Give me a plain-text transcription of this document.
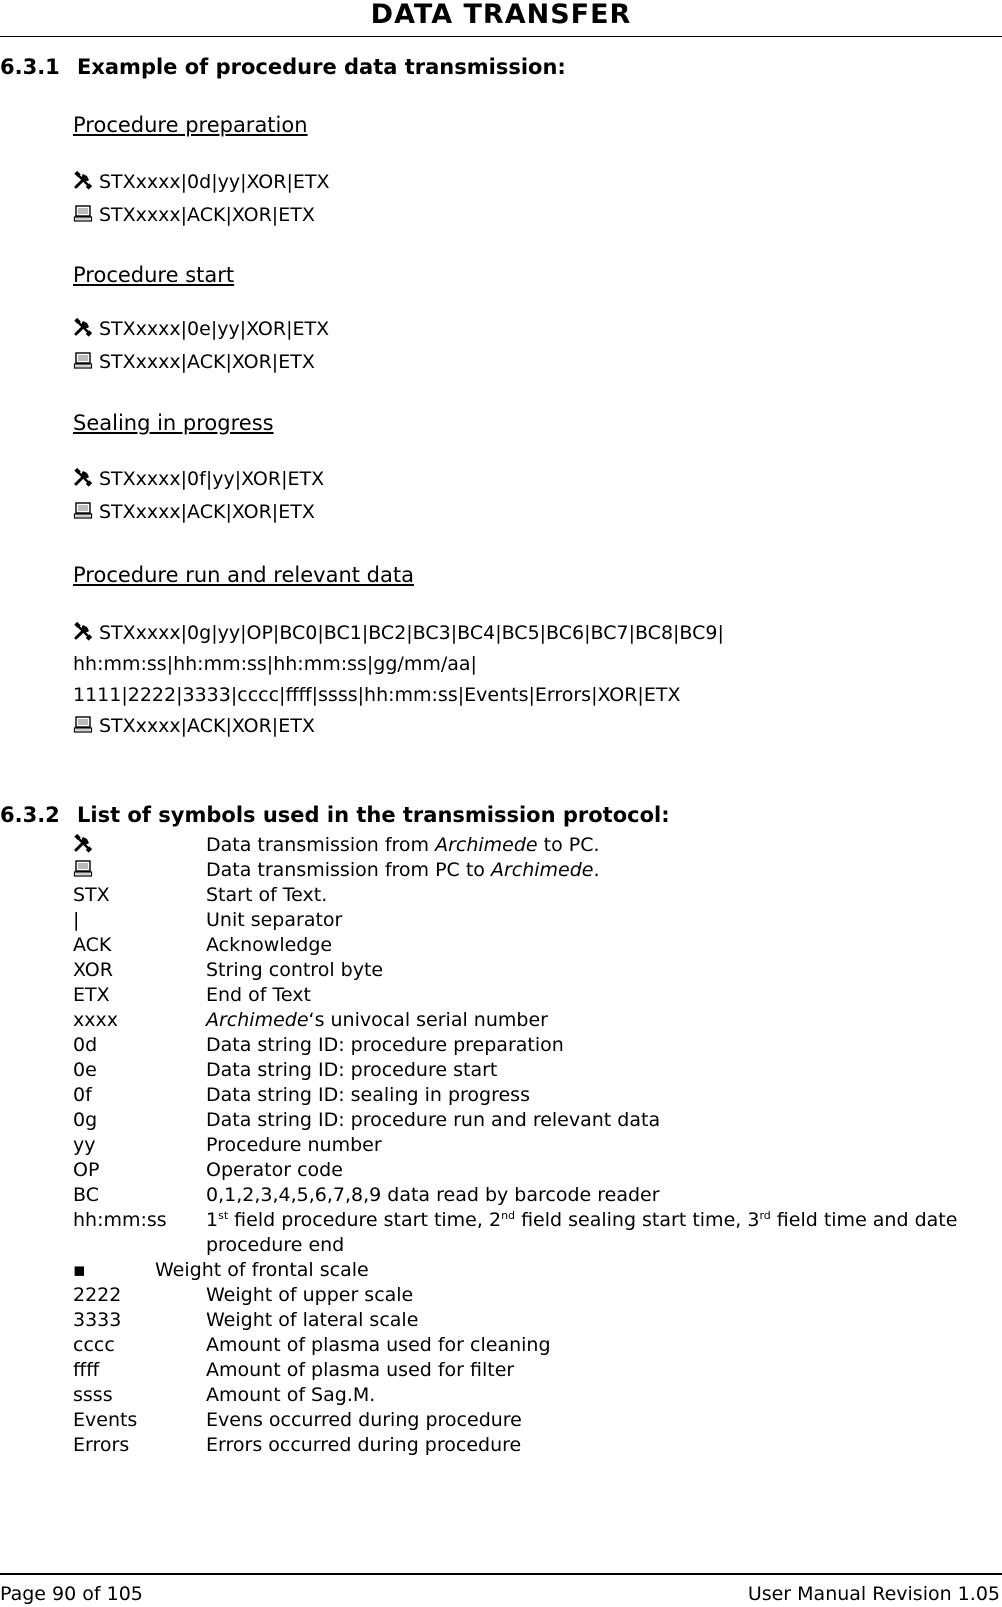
DATA TRANSFER
6.3.1 Example of procedure data transmission:
Procedure preparation
STXxxxx|0d|yy|XOR|ETX
STXxxxx|ACK|XOR|ETX
Procedure start
STXxxxx|0e|yy|XOR|ETX
STXxxxx|ACK|XOR|ETX
Sealing in progress
STXxxxx|0f|yy|XOR|ETX
STXxxxx|ACK|XOR|ETX
Procedure run and relevant data
STXxxxx|0g|yy|OP|BC0|BC1|BC2|BC3|BC4|BC5|BC6|BC7|BC8|BC9|
hh:mm:ss|hh:mm:ss|hh:mm:ss|gg/mm/aa|
1111|2222|3333|cccc|ffff|ssss|hh:mm:ss|Events|Errors|XOR|ETX
STXxxxx|ACK|XOR|ETX
6.3.2 List of symbols used in the transmission protocol:
Data transmission from Archimede to PC.
Data transmission from PC to Archimede.
STX	Start of Text.
|	Unit separator
ACK	Acknowledge
XOR	String control byte
ETX	End of Text
xxxx	Archimede‘s univocal serial number
0d	Data string ID: procedure preparation
0e	Data string ID: procedure start
0f	Data string ID: sealing in progress
0g	Data string ID: procedure run and relevant data
yy	Procedure number
OP	Operator code
BC	0,1,2,3,4,5,6,7,8,9 data read by barcode reader
hh:mm:ss	1st field procedure start time, 2nd field sealing start time, 3rd field time and date procedure end
▪	Weight of frontal scale
2222	Weight of upper scale
3333	Weight of lateral scale
cccc	Amount of plasma used for cleaning
ffff	Amount of plasma used for filter
ssss	Amount of Sag.M.
Events	Evens occurred during procedure
Errors	Errors occurred during procedure
Page 90 of 105	User Manual Revision 1.05
